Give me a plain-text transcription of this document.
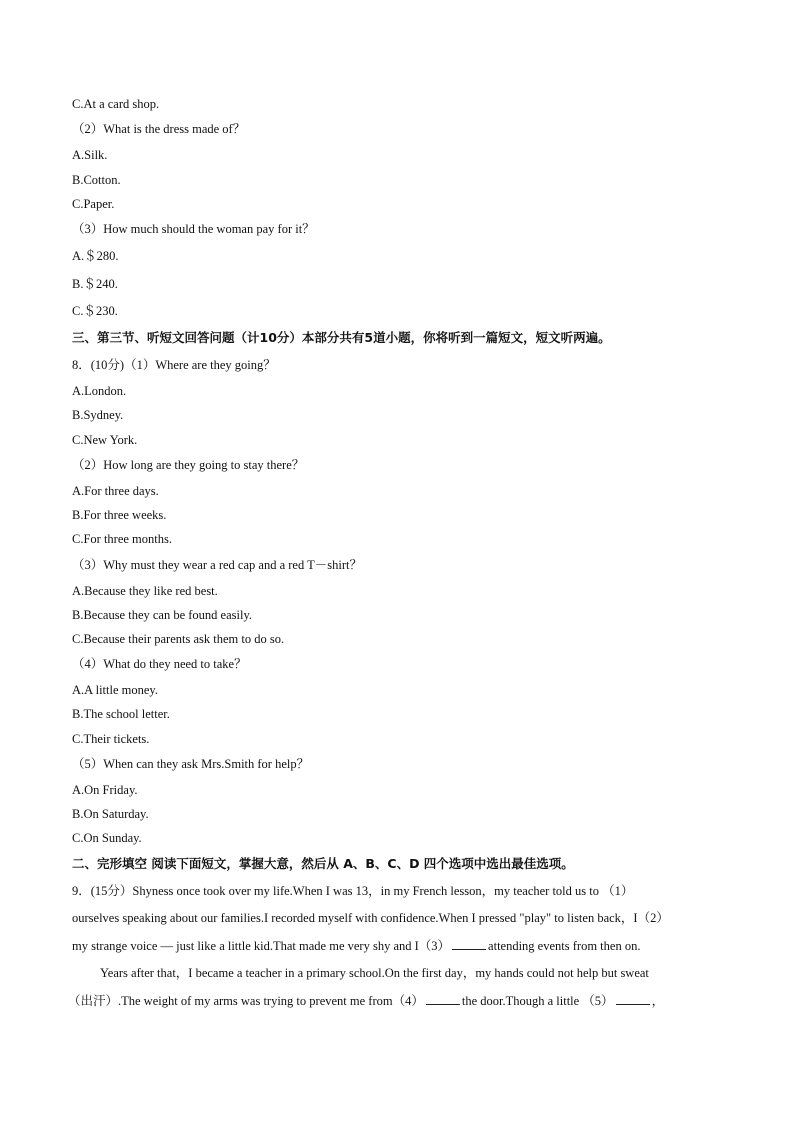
C.At a card shop.
（2）What is the dress made of？
A.Silk.
B.Cotton.
C.Paper.
（3）How much should the woman pay for it？
A.＄280.
B.＄240.
C.＄230.
三、第三节、听短文回答问题（计10分）本部分共有5道小题，你将听到一篇短文，短文听两遍。
8．(10分)（1）Where are they going？
A.London.
B.Sydney.
C.New York.
（2）How long are they going to stay there？
A.For three days.
B.For three weeks.
C.For three months.
（3）Why must they wear a red cap and a red T－shirt？
A.Because they like red best.
B.Because they can be found easily.
C.Because their parents ask them to do so.
（4）What do they need to take？
A.A little money.
B.The school letter.
C.Their tickets.
（5）When can they ask Mrs.Smith for help？
A.On Friday.
B.On Saturday.
C.On Sunday.
二、完形填空 阅读下面短文，掌握大意，然后从 A、B、C、D 四个选项中选出最佳选项。
9．(15分）Shyness once took over my life.When I was 13，in my French lesson，my teacher told us to （1）
ourselves speaking about our families.I recorded myself with confidence.When I pressed "play" to listen back，I（2）
my strange voice — just like a little kid.That made me very shy and I（3）	attending events from then on.
Years after that，I became a teacher in a primary school.On the first day，my hands could not help but sweat
（出汗）.The weight of my arms was trying to prevent me from（4）	the door.Though a little （5）	，
